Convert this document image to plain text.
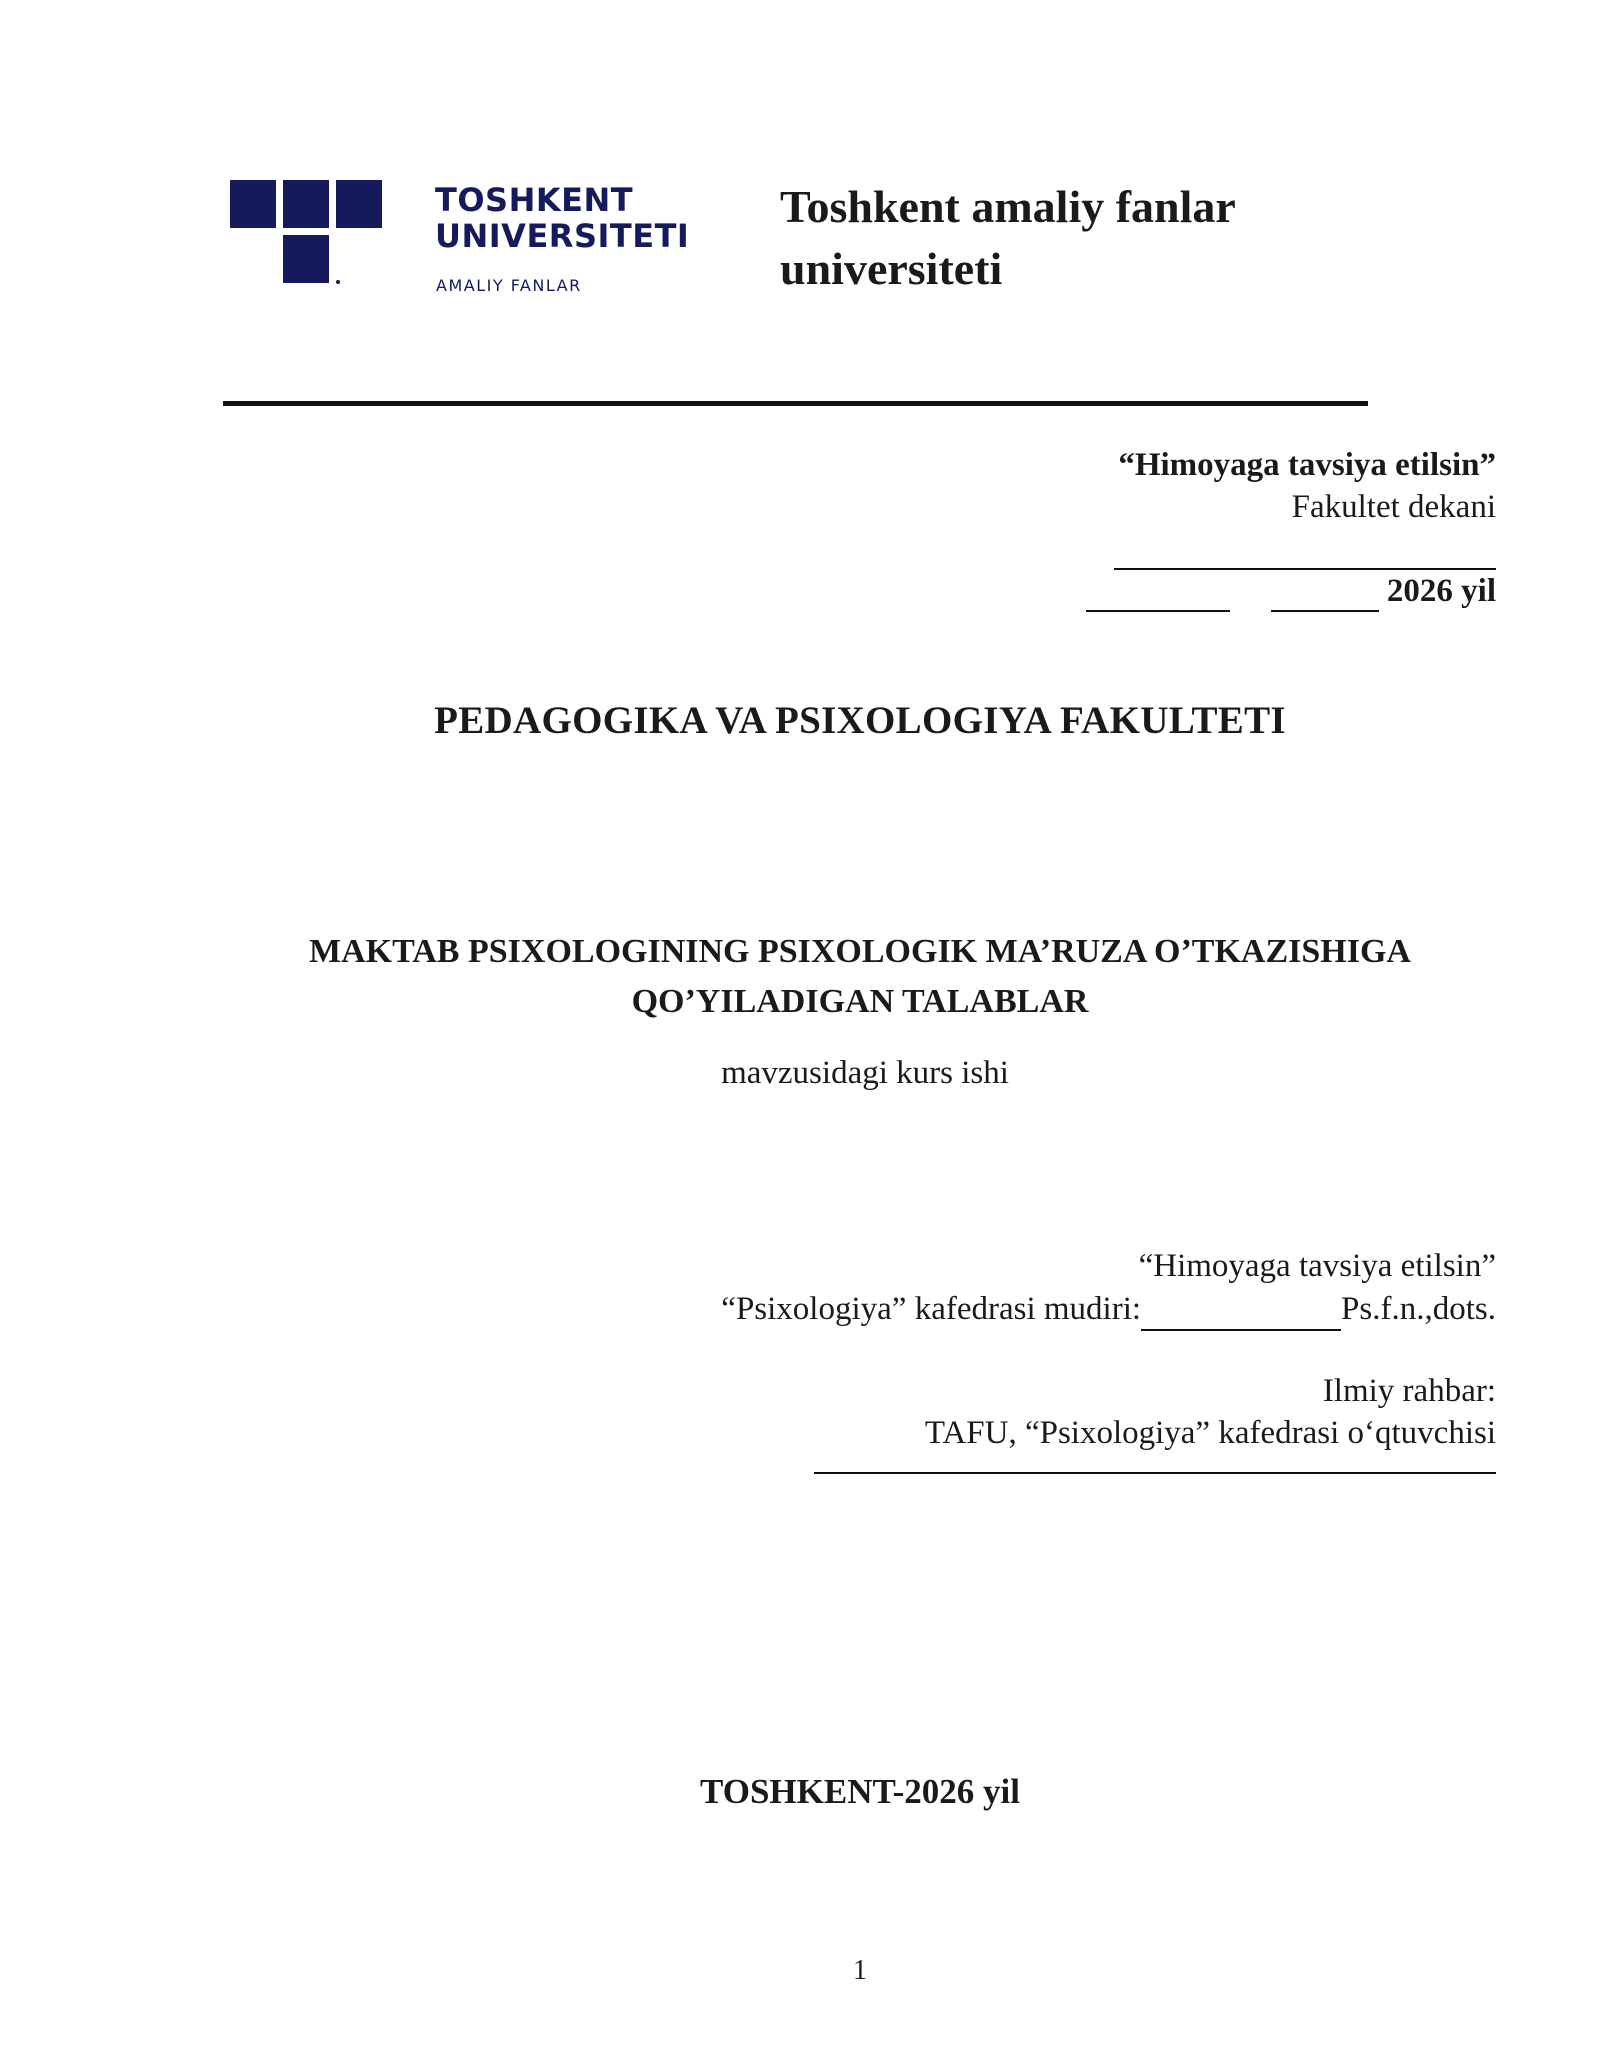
TOSHKENT
UNIVERSITETI
AMALIY FANLAR
Toshkent amaliy fanlar
universiteti
“Himoyaga tavsiya etilsin”
Fakultet dekani
2026 yil
PEDAGOGIKA VA PSIXOLOGIYA FAKULTETI
MAKTAB PSIXOLOGINING PSIXOLOGIK MA’RUZA O’TKAZISHIGA
QO’YILADIGAN TALABLAR
mavzusidagi kurs ishi
“Himoyaga tavsiya etilsin”
“Psixologiya” kafedrasi mudiri:	Ps.f.n.,dots.
Ilmiy rahbar:
TAFU, “Psixologiya” kafedrasi o‘qtuvchisi
TOSHKENT-2026 yil
1
